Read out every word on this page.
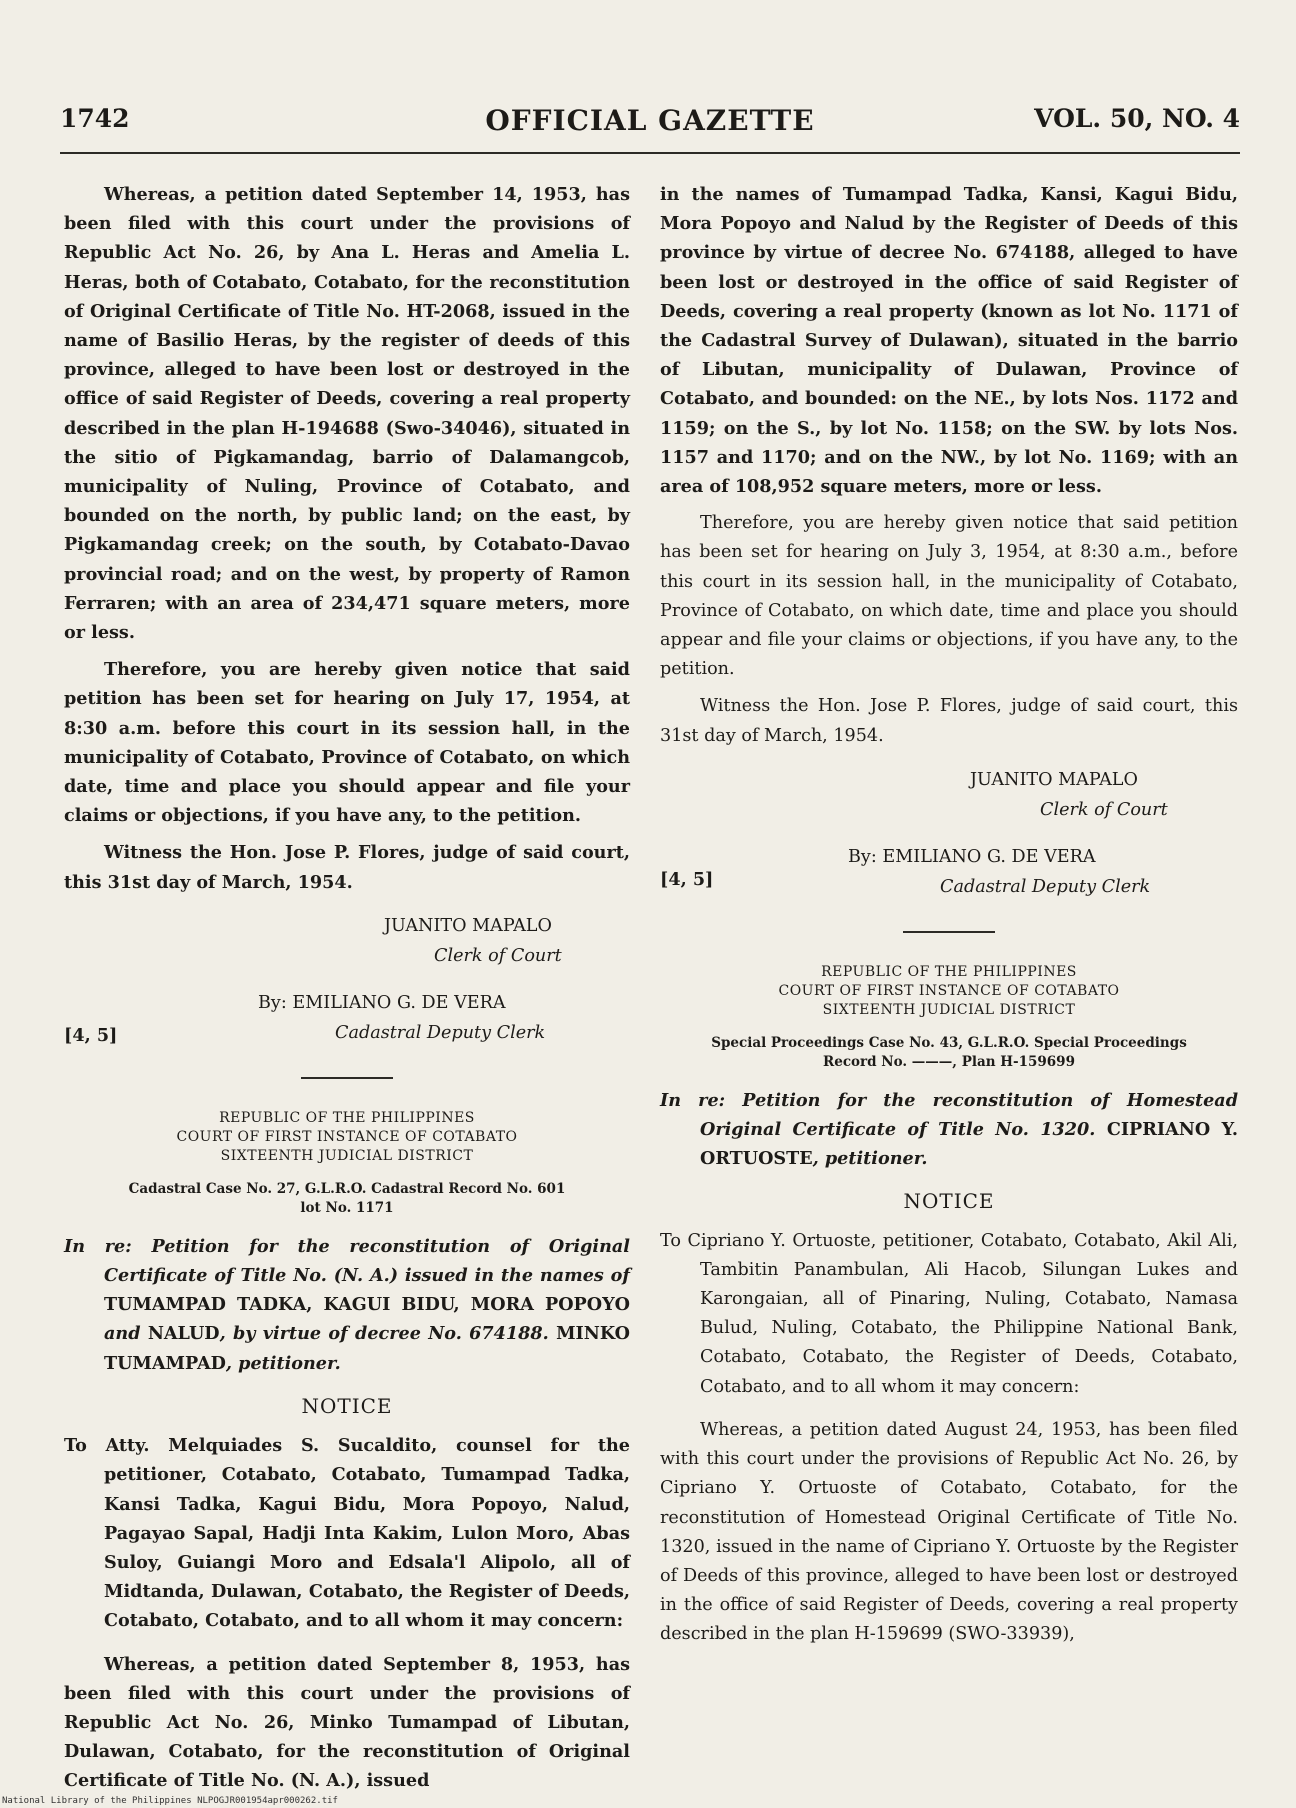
1742	OFFICIAL GAZETTE	VOL. 50, NO. 4

Whereas, a petition dated September 14, 1953, has been filed with this court under the provisions of Republic Act No. 26, by Ana L. Heras and Amelia L. Heras, both of Cotabato, Cotabato, for the reconstitution of Original Certificate of Title No. HT-2068, issued in the name of Basilio Heras, by the register of deeds of this province, alleged to have been lost or destroyed in the office of said Register of Deeds, covering a real property described in the plan H-194688 (Swo-34046), situated in the sitio of Pigkamandag, barrio of Dalamangcob, municipality of Nuling, Province of Cotabato, and bounded on the north, by public land; on the east, by Pigkamandag creek; on the south, by Cotabato-Davao provincial road; and on the west, by property of Ramon Ferraren; with an area of 234,471 square meters, more or less.

Therefore, you are hereby given notice that said petition has been set for hearing on July 17, 1954, at 8:30 a.m. before this court in its session hall, in the municipality of Cotabato, Province of Cotabato, on which date, time and place you should appear and file your claims or objections, if you have any, to the petition.

Witness the Hon. Jose P. Flores, judge of said court, this 31st day of March, 1954.

JUANITO MAPALO
Clerk of Court
[4, 5]
By: EMILIANO G. DE VERA
Cadastral Deputy Clerk
REPUBLIC OF THE PHILIPPINES
COURT OF FIRST INSTANCE OF COTABATO
SIXTEENTH JUDICIAL DISTRICT
Cadastral Case No. 27, G.L.R.O. Cadastral Record No. 601
lot No. 1171
In re: Petition for the reconstitution of Original Certificate of Title No. (N. A.) issued in the names of TUMAMPAD TADKA, KAGUI BIDU, MORA POPOYO and NALUD, by virtue of decree No. 674188. MINKO TUMAMPAD, petitioner.
NOTICE
To Atty. Melquiades S. Sucaldito, counsel for the petitioner, Cotabato, Cotabato, Tumampad Tadka, Kansi Tadka, Kagui Bidu, Mora Popoyo, Nalud, Pagayao Sapal, Hadji Inta Kakim, Lulon Moro, Abas Suloy, Guiangi Moro and Edsala'l Alipolo, all of Midtanda, Dulawan, Cotabato, the Register of Deeds, Cotabato, Cotabato, and to all whom it may concern:

Whereas, a petition dated September 8, 1953, has been filed with this court under the provisions of Republic Act No. 26, Minko Tumampad of Libutan, Dulawan, Cotabato, for the reconstitution of Original Certificate of Title No. (N. A.), issued

in the names of Tumampad Tadka, Kansi, Kagui Bidu, Mora Popoyo and Nalud by the Register of Deeds of this province by virtue of decree No. 674188, alleged to have been lost or destroyed in the office of said Register of Deeds, covering a real property (known as lot No. 1171 of the Cadastral Survey of Dulawan), situated in the barrio of Libutan, municipality of Dulawan, Province of Cotabato, and bounded: on the NE., by lots Nos. 1172 and 1159; on the S., by lot No. 1158; on the SW. by lots Nos. 1157 and 1170; and on the NW., by lot No. 1169; with an area of 108,952 square meters, more or less.

Therefore, you are hereby given notice that said petition has been set for hearing on July 3, 1954, at 8:30 a.m., before this court in its session hall, in the municipality of Cotabato, Province of Cotabato, on which date, time and place you should appear and file your claims or objections, if you have any, to the petition.

Witness the Hon. Jose P. Flores, judge of said court, this 31st day of March, 1954.

JUANITO MAPALO
Clerk of Court
[4, 5]
By: EMILIANO G. DE VERA
Cadastral Deputy Clerk
REPUBLIC OF THE PHILIPPINES
COURT OF FIRST INSTANCE OF COTABATO
SIXTEENTH JUDICIAL DISTRICT
Special Proceedings Case No. 43, G.L.R.O. Special Proceedings
Record No. ———, Plan H-159699
In re: Petition for the reconstitution of Homestead Original Certificate of Title No. 1320. CIPRIANO Y. ORTUOSTE, petitioner.
NOTICE
To Cipriano Y. Ortuoste, petitioner, Cotabato, Cotabato, Akil Ali, Tambitin Panambulan, Ali Hacob, Silungan Lukes and Karongaian, all of Pinaring, Nuling, Cotabato, Namasa Bulud, Nuling, Cotabato, the Philippine National Bank, Cotabato, Cotabato, the Register of Deeds, Cotabato, Cotabato, and to all whom it may concern:

Whereas, a petition dated August 24, 1953, has been filed with this court under the provisions of Republic Act No. 26, by Cipriano Y. Ortuoste of Cotabato, Cotabato, for the reconstitution of Homestead Original Certificate of Title No. 1320, issued in the name of Cipriano Y. Ortuoste by the Register of Deeds of this province, alleged to have been lost or destroyed in the office of said Register of Deeds, covering a real property described in the plan H-159699 (SWO-33939),

National Library of the Philippines NLPOGJR001954apr000262.tif
